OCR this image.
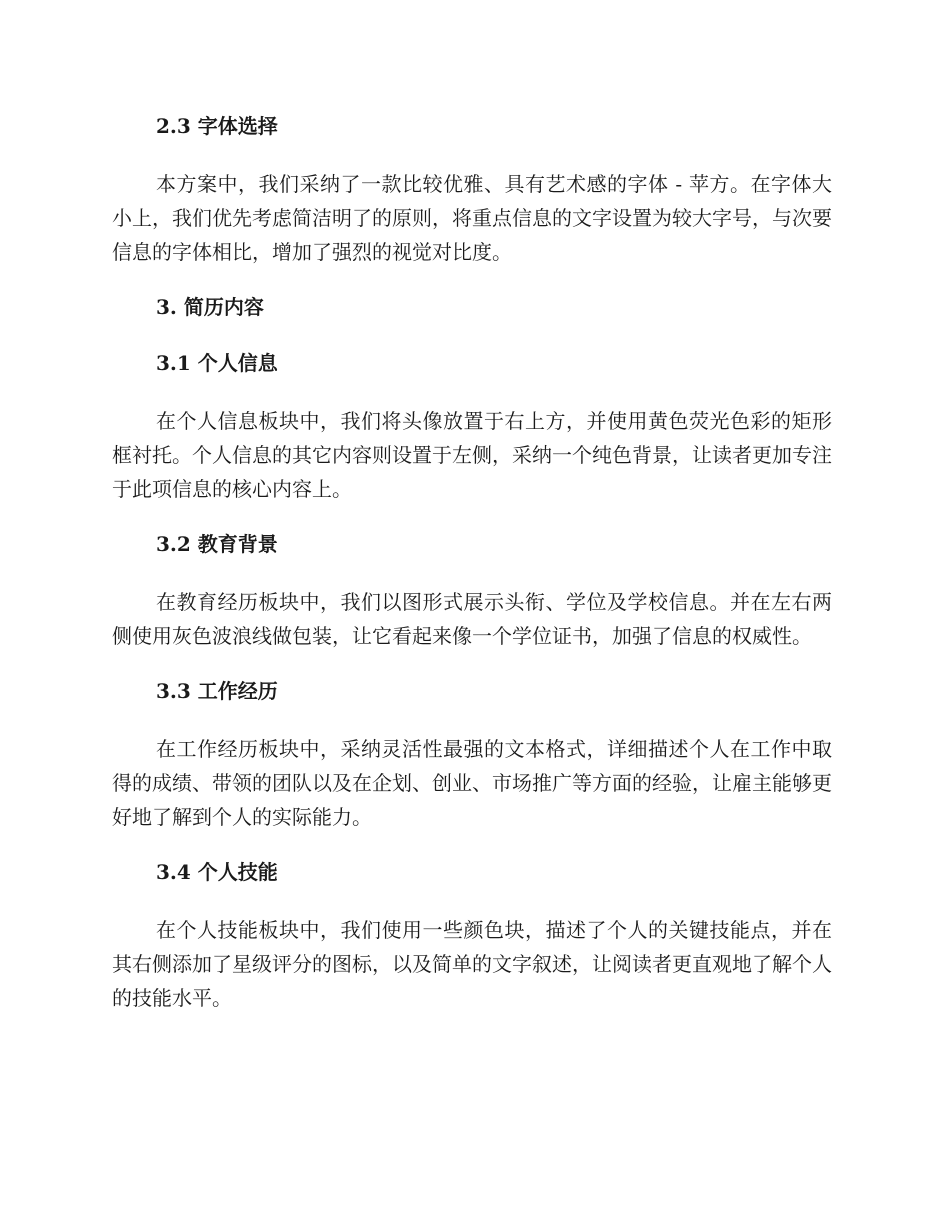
2.3 字体选择

本方案中，我们采纳了一款比较优雅、具有艺术感的字体 - 苹方。在字体大小上，我们优先考虑简洁明了的原则，将重点信息的文字设置为较大字号，与次要信息的字体相比，增加了强烈的视觉对比度。

3. 简历内容
3.1 个人信息

在个人信息板块中，我们将头像放置于右上方，并使用黄色荧光色彩的矩形框衬托。个人信息的其它内容则设置于左侧，采纳一个纯色背景，让读者更加专注于此项信息的核心内容上。

3.2 教育背景

在教育经历板块中，我们以图形式展示头衔、学位及学校信息。并在左右两侧使用灰色波浪线做包装，让它看起来像一个学位证书，加强了信息的权威性。

3.3 工作经历

在工作经历板块中，采纳灵活性最强的文本格式，详细描述个人在工作中取得的成绩、带领的团队以及在企划、创业、市场推广等方面的经验，让雇主能够更好地了解到个人的实际能力。

3.4 个人技能

在个人技能板块中，我们使用一些颜色块，描述了个人的关键技能点，并在其右侧添加了星级评分的图标，以及简单的文字叙述，让阅读者更直观地了解个人的技能水平。
